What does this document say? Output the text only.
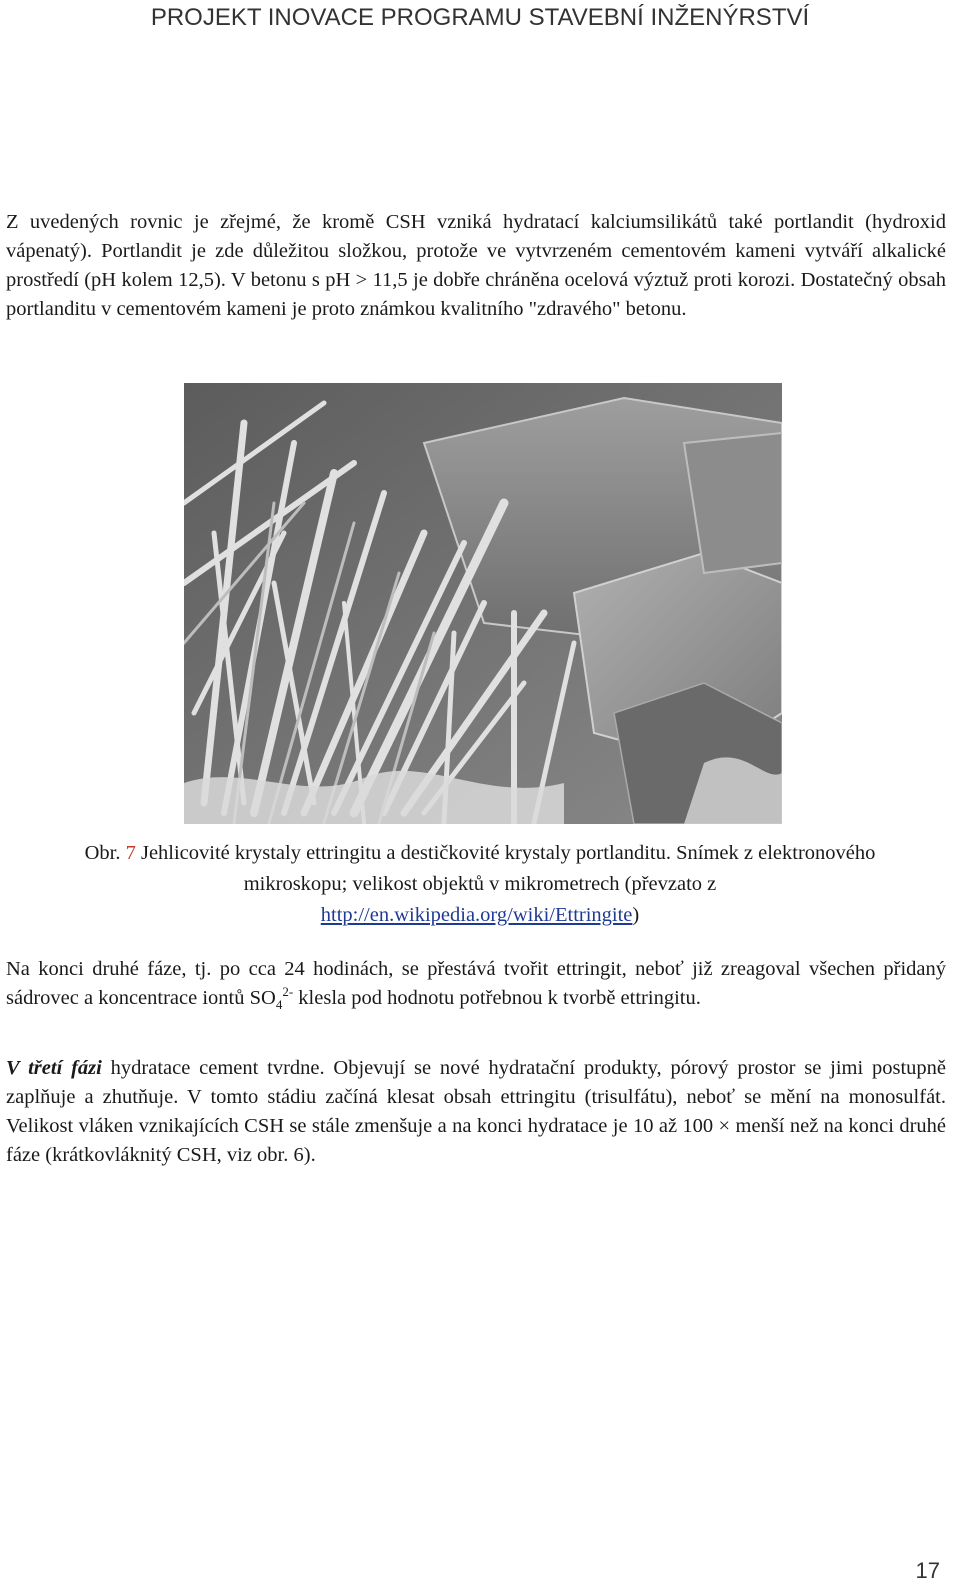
PROJEKT INOVACE PROGRAMU STAVEBNÍ INŽENÝRSTVÍ
Z uvedených rovnic je zřejmé, že kromě CSH vzniká hydratací kalciumsilikátů také portlandit (hydroxid vápenatý). Portlandit je zde důležitou složkou, protože ve vytvrzeném cementovém kameni vytváří alkalické prostředí (pH kolem 12,5). V betonu s pH > 11,5 je dobře chráněna ocelová výztuž proti korozi. Dostatečný obsah portlanditu v cementovém kameni je proto známkou kvalitního "zdravého" betonu.
Obr. 7 Jehlicovité krystaly ettringitu a destičkovité krystaly portlanditu. Snímek z elektronového mikroskopu; velikost objektů v mikrometrech (převzato z
http://en.wikipedia.org/wiki/Ettringite)
Na konci druhé fáze, tj. po cca 24 hodinách, se přestává tvořit ettringit, neboť již zreagoval všechen přidaný sádrovec a koncentrace iontů $SO_4^{2-}$ klesla pod hodnotu potřebnou k tvorbě ettringitu.
V třetí fázi hydratace cement tvrdne. Objevují se nové hydratační produkty, pórový prostor se jimi postupně zaplňuje a zhutňuje. V tomto stádiu začíná klesat obsah ettringitu (trisulfátu), neboť se mění na monosulfát. Velikost vláken vznikajících CSH se stále zmenšuje a na konci hydratace je 10 až 100 × menší než na konci druhé fáze (krátkovláknitý CSH, viz obr. 6).
17
